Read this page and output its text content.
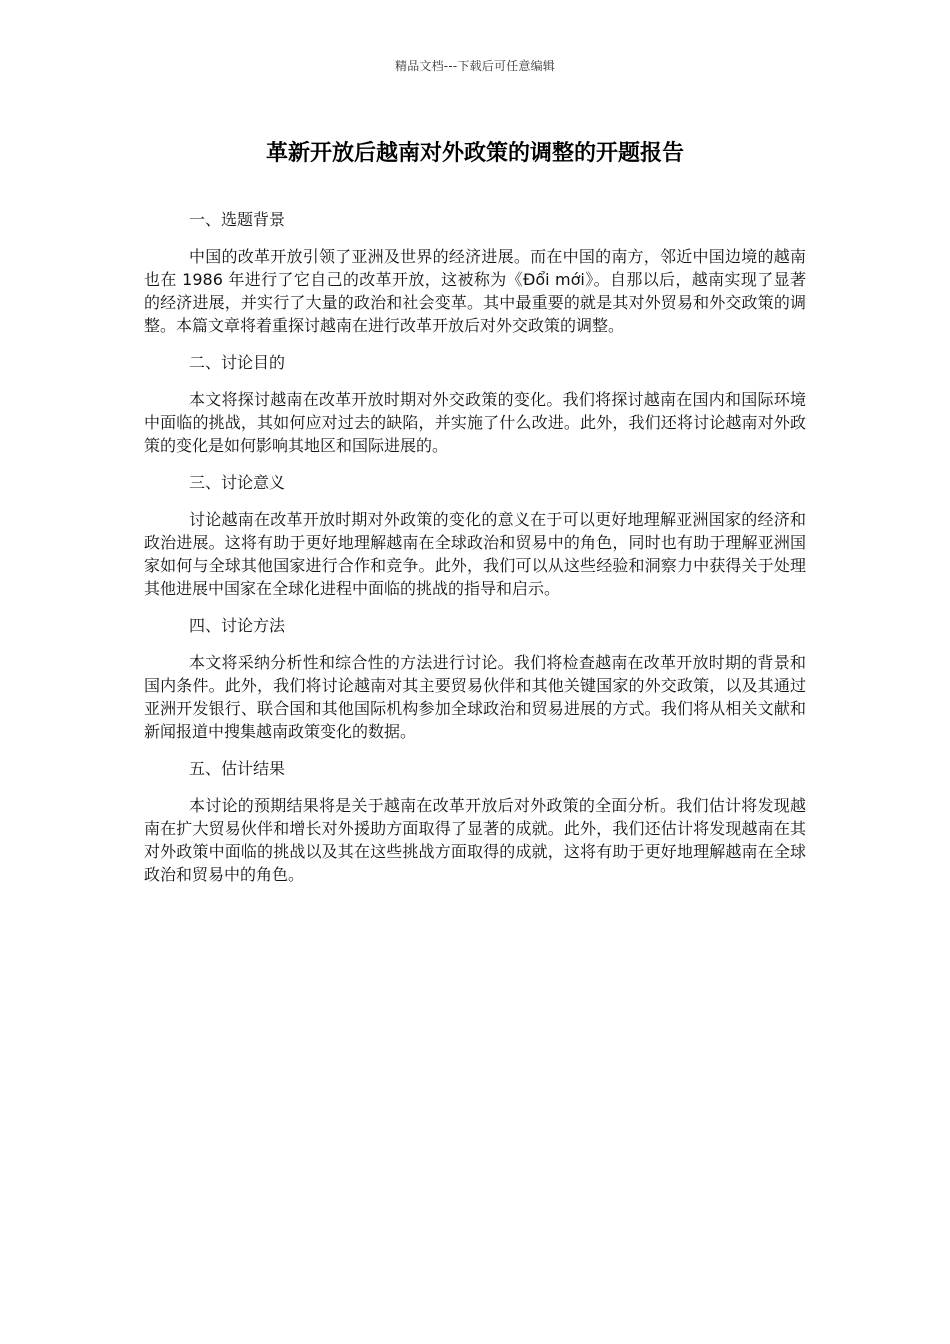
精品文档---下载后可任意编辑
革新开放后越南对外政策的调整的开题报告
一、选题背景

中国的改革开放引领了亚洲及世界的经济进展。而在中国的南方，邻近中国边境的越南也在 1986 年进行了它自己的改革开放，这被称为《Đổi mới》。自那以后，越南实现了显著的经济进展，并实行了大量的政治和社会变革。其中最重要的就是其对外贸易和外交政策的调整。本篇文章将着重探讨越南在进行改革开放后对外交政策的调整。

二、讨论目的

本文将探讨越南在改革开放时期对外交政策的变化。我们将探讨越南在国内和国际环境中面临的挑战，其如何应对过去的缺陷，并实施了什么改进。此外，我们还将讨论越南对外政策的变化是如何影响其地区和国际进展的。

三、讨论意义

讨论越南在改革开放时期对外政策的变化的意义在于可以更好地理解亚洲国家的经济和政治进展。这将有助于更好地理解越南在全球政治和贸易中的角色，同时也有助于理解亚洲国家如何与全球其他国家进行合作和竞争。此外，我们可以从这些经验和洞察力中获得关于处理其他进展中国家在全球化进程中面临的挑战的指导和启示。

四、讨论方法

本文将采纳分析性和综合性的方法进行讨论。我们将检查越南在改革开放时期的背景和国内条件。此外，我们将讨论越南对其主要贸易伙伴和其他关键国家的外交政策，以及其通过亚洲开发银行、联合国和其他国际机构参加全球政治和贸易进展的方式。我们将从相关文献和新闻报道中搜集越南政策变化的数据。

五、估计结果

本讨论的预期结果将是关于越南在改革开放后对外政策的全面分析。我们估计将发现越南在扩大贸易伙伴和增长对外援助方面取得了显著的成就。此外，我们还估计将发现越南在其对外政策中面临的挑战以及其在这些挑战方面取得的成就，这将有助于更好地理解越南在全球政治和贸易中的角色。
